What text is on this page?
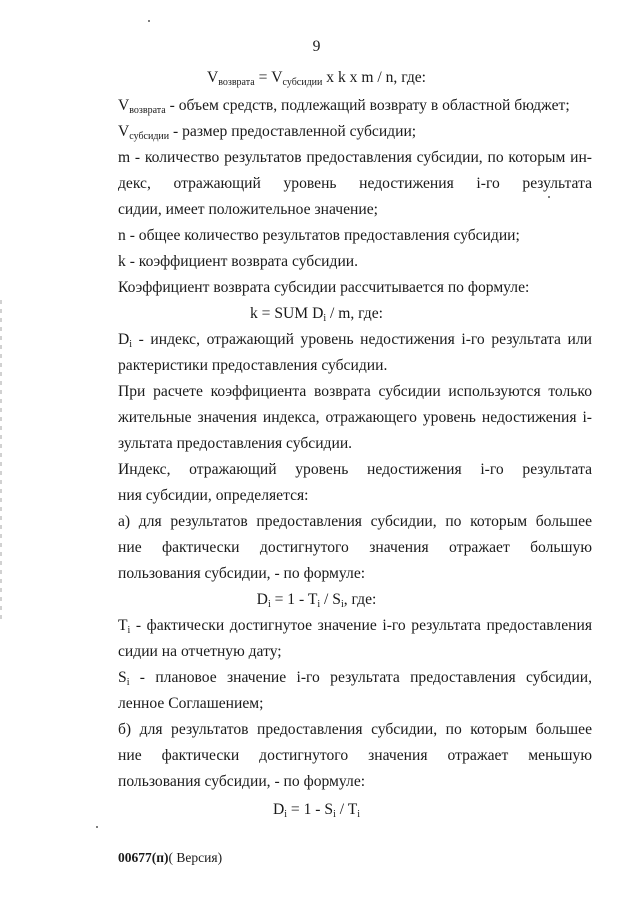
9
$V_{возврата} = V_{субсидии}$ x k x m / n, где:
$V_{возврата}$ - объем средств, подлежащий возврату в областной бюджет;
$V_{субсидии}$ - размер предоставленной субсидии;
m - количество результатов предоставления субсидии, по которым ин-
декс, отражающий уровень недостижения i-го результата
сидии, имеет положительное значение;
n - общее количество результатов предоставления субсидии;
k - коэффициент возврата субсидии.
Коэффициент возврата субсидии рассчитывается по формуле:
k = SUM $D_i$ / m, где:
$D_i$ - индекс, отражающий уровень недостижения i-го результата или
рактеристики предоставления субсидии.
При расчете коэффициента возврата субсидии используются только
жительные значения индекса, отражающего уровень недостижения i-
зультата предоставления субсидии.
Индекс, отражающий уровень недостижения i-го результата
ния субсидии, определяется:
а) для результатов предоставления субсидии, по которым большее
ние фактически достигнутого значения отражает большую
пользования субсидии, - по формуле:
$D_i = 1 - T_i / S_i$, где:
$T_i$ - фактически достигнутое значение i-го результата предоставления
сидии на отчетную дату;
$S_i$ - плановое значение i-го результата предоставления субсидии,
ленное Соглашением;
б) для результатов предоставления субсидии, по которым большее
ние фактически достигнутого значения отражает меньшую
пользования субсидии, - по формуле:
$D_i = 1 - S_i / T_i$
00677(п)( Версия)
